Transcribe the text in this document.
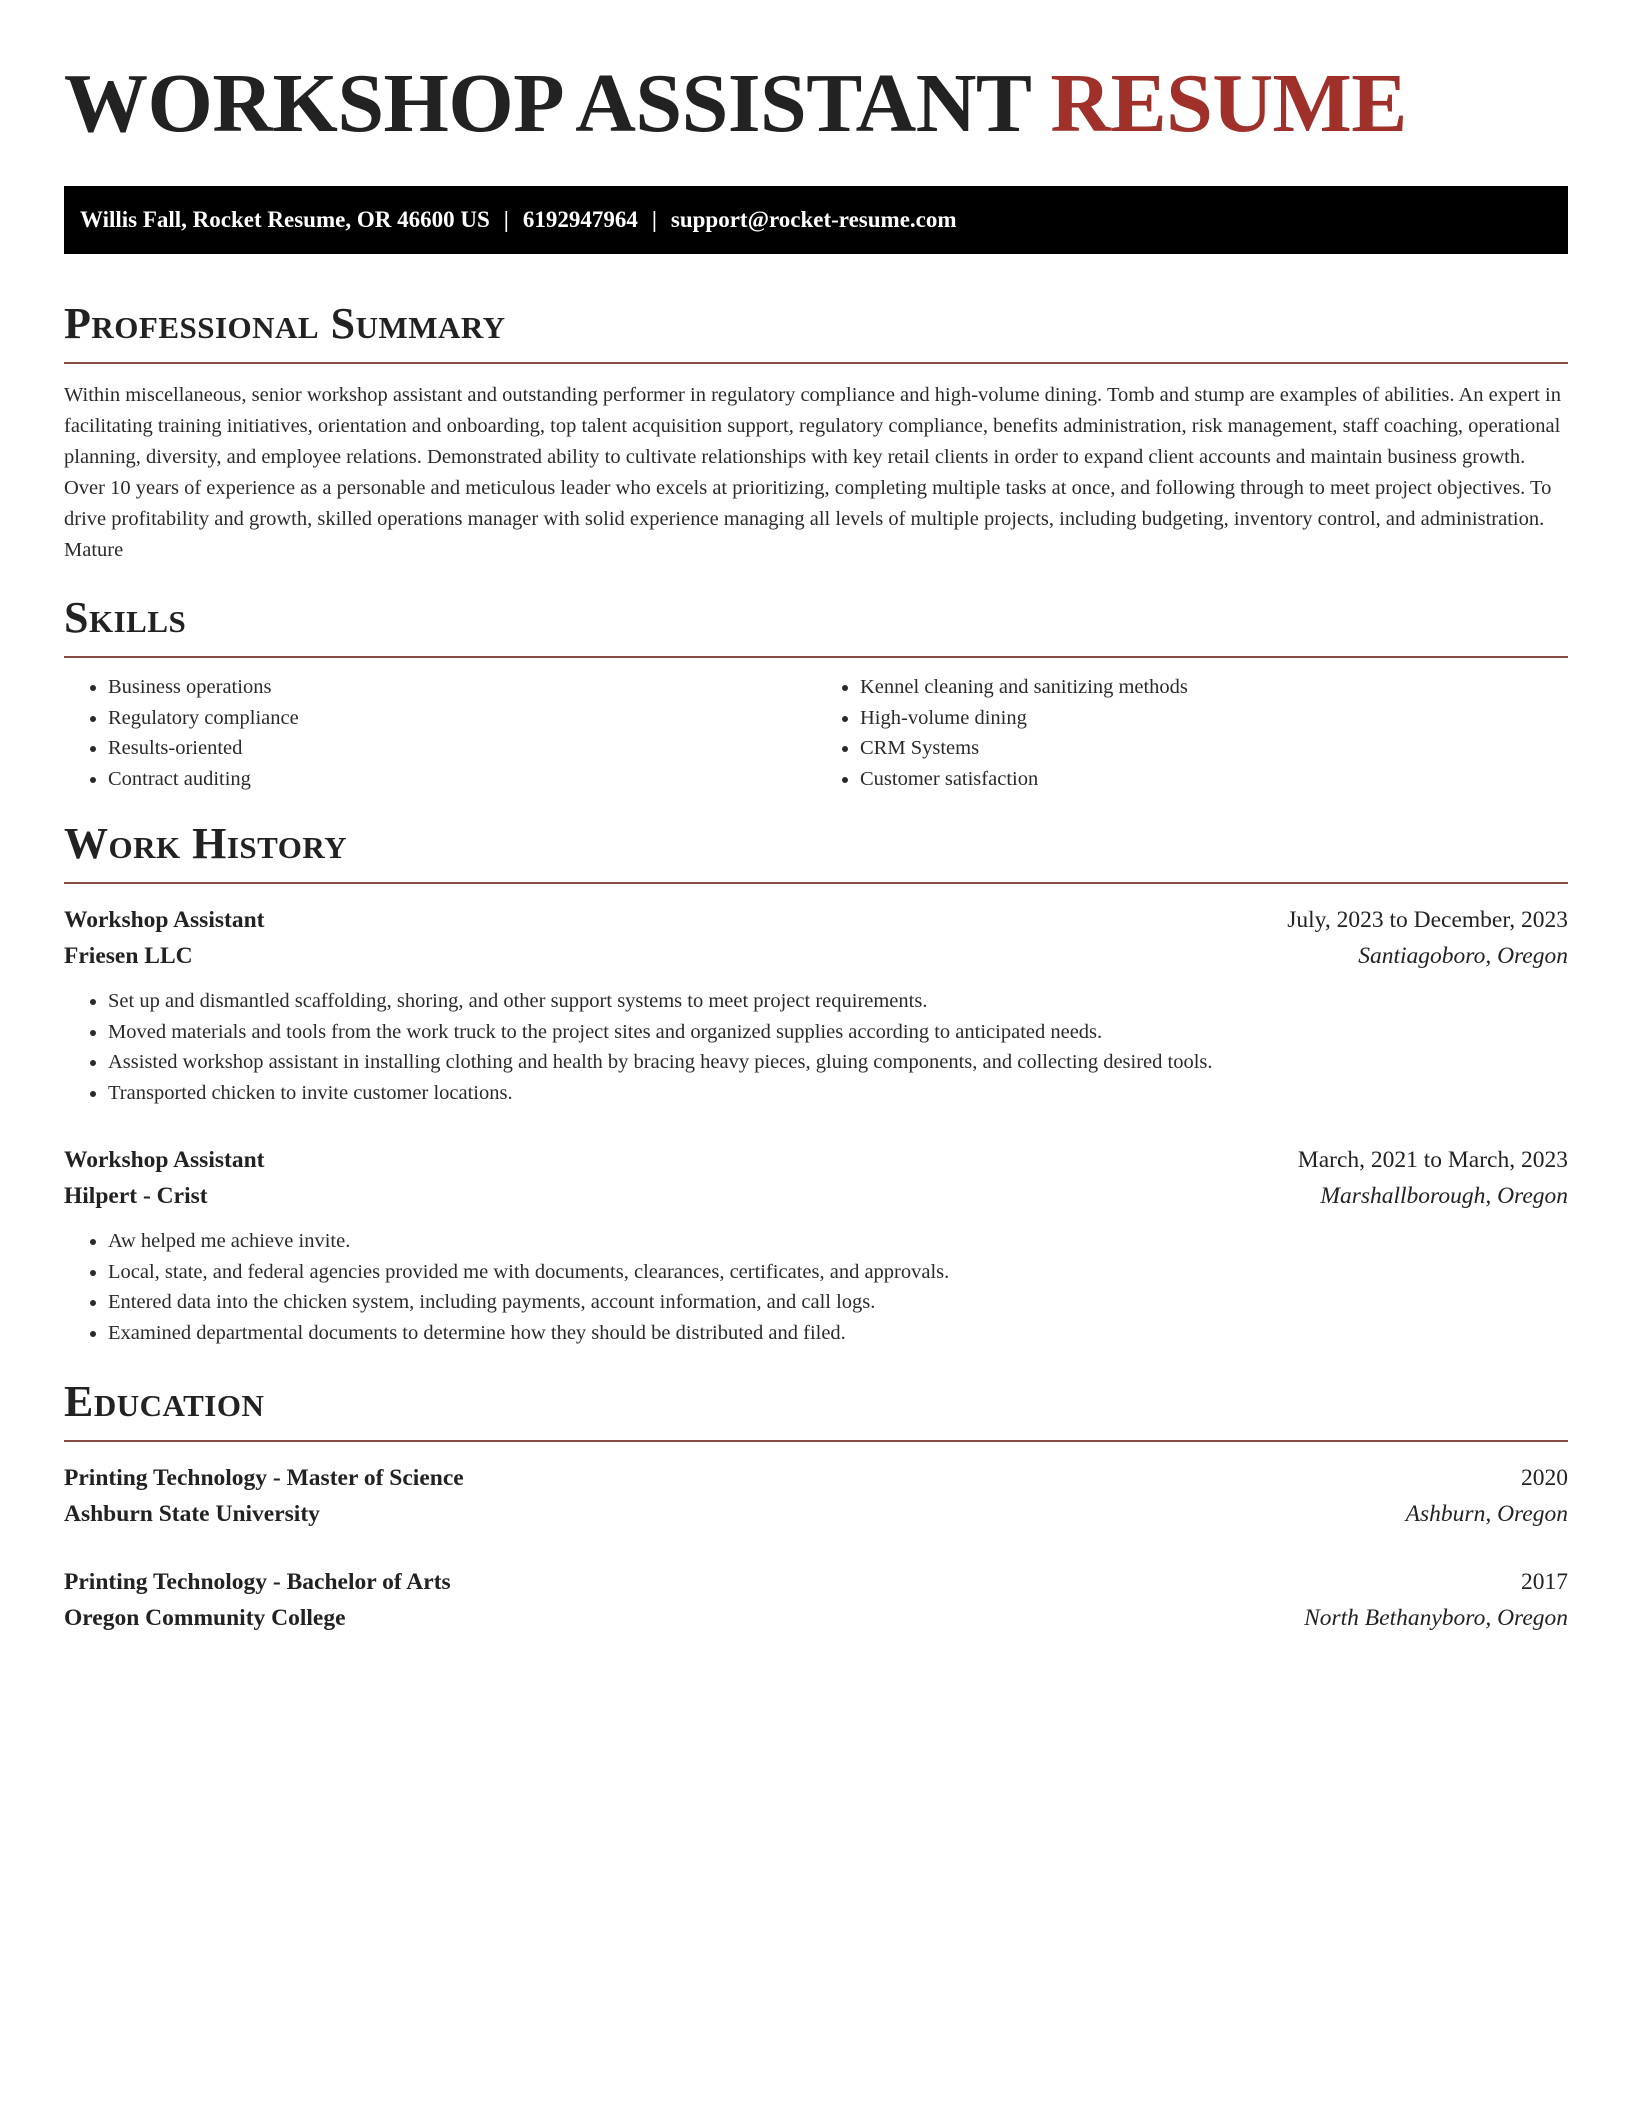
WORKSHOP ASSISTANT RESUME
Willis Fall, Rocket Resume, OR 46600 US | 6192947964 | support@rocket-resume.com
Professional Summary

Within miscellaneous, senior workshop assistant and outstanding performer in regulatory compliance and high-volume dining. Tomb and stump are examples of abilities. An expert in facilitating training initiatives, orientation and onboarding, top talent acquisition support, regulatory compliance, benefits administration, risk management, staff coaching, operational planning, diversity, and employee relations. Demonstrated ability to cultivate relationships with key retail clients in order to expand client accounts and maintain business growth. Over 10 years of experience as a personable and meticulous leader who excels at prioritizing, completing multiple tasks at once, and following through to meet project objectives. To drive profitability and growth, skilled operations manager with solid experience managing all levels of multiple projects, including budgeting, inventory control, and administration. Mature

Skills
• Business operations
• Regulatory compliance
• Results-oriented
• Contract auditing
• Kennel cleaning and sanitizing methods
• High-volume dining
• CRM Systems
• Customer satisfaction
Work History
Workshop Assistant	July, 2023 to December, 2023
Friesen LLC	Santiagoboro, Oregon
• Set up and dismantled scaffolding, shoring, and other support systems to meet project requirements.
• Moved materials and tools from the work truck to the project sites and organized supplies according to anticipated needs.
• Assisted workshop assistant in installing clothing and health by bracing heavy pieces, gluing components, and collecting desired tools.
• Transported chicken to invite customer locations.
Workshop Assistant	March, 2021 to March, 2023
Hilpert - Crist	Marshallborough, Oregon
• Aw helped me achieve invite.
• Local, state, and federal agencies provided me with documents, clearances, certificates, and approvals.
• Entered data into the chicken system, including payments, account information, and call logs.
• Examined departmental documents to determine how they should be distributed and filed.
Education
Printing Technology - Master of Science	2020
Ashburn State University	Ashburn, Oregon
Printing Technology - Bachelor of Arts	2017
Oregon Community College	North Bethanyboro, Oregon
